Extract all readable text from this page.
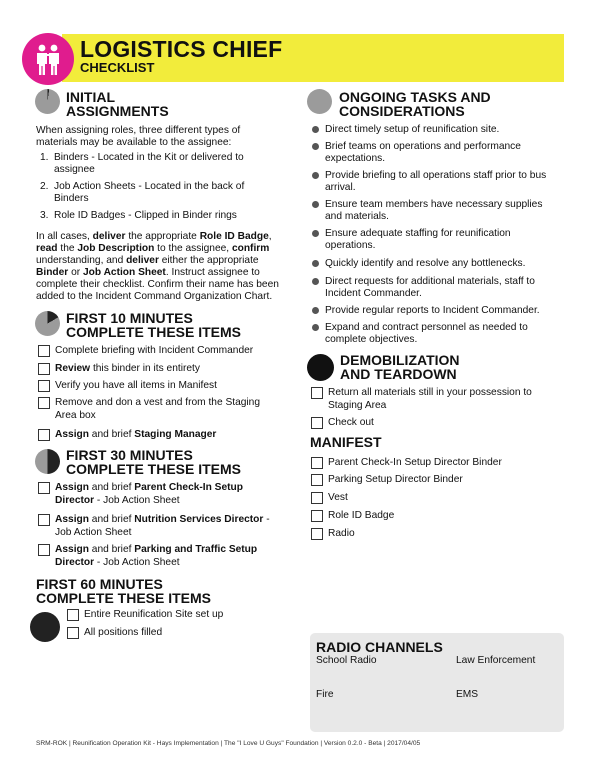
LOGISTICS CHIEF
CHECKLIST
INITIAL
ASSIGNMENTS
When assigning roles, three different types of
materials may be available to the assignee:
1. Binders - Located in the Kit or delivered to
assignee
2. Job Action Sheets - Located in the back of
Binders
3. Role ID Badges - Clipped in Binder rings
In all cases, deliver the appropriate Role ID Badge,
read the Job Description to the assignee, confirm
understanding, and deliver either the appropriate
Binder or Job Action Sheet. Instruct assignee to
complete their checklist. Confirm their name has been
added to the Incident Command Organization Chart.
FIRST 10 MINUTES
COMPLETE THESE ITEMS
Complete briefing with Incident Commander
Review this binder in its entirety
Verify you have all items in Manifest
Remove and don a vest and from the Staging
Area box
Assign and brief Staging Manager
FIRST 30 MINUTES
COMPLETE THESE ITEMS
Assign and brief Parent Check-In Setup
Director - Job Action Sheet
Assign and brief Nutrition Services Director -
Job Action Sheet
Assign and brief Parking and Traffic Setup
Director - Job Action Sheet
FIRST 60 MINUTES
COMPLETE THESE ITEMS
Entire Reunification Site set up
All positions filled
ONGOING TASKS AND
CONSIDERATIONS
Direct timely setup of reunification site.
Brief teams on operations and performance
expectations.
Provide briefing to all operations staff prior to bus
arrival.
Ensure team members have necessary supplies
and materials.
Ensure adequate staffing for reunification
operations.
Quickly identify and resolve any bottlenecks.
Direct requests for additional materials, staff to
Incident Commander.
Provide regular reports to Incident Commander.
Expand and contract personnel as needed to
complete objectives.
DEMOBILIZATION
AND TEARDOWN
Return all materials still in your possession to
Staging Area
Check out
MANIFEST
Parent Check-In Setup Director Binder
Parking Setup Director Binder
Vest
Role ID Badge
Radio
RADIO CHANNELS
School Radio	Law Enforcement
Fire	EMS
SRM-ROK | Reunification Operation Kit - Hays Implementation | The "I Love U Guys" Foundation | Version 0.2.0 - Beta | 2017/04/05
